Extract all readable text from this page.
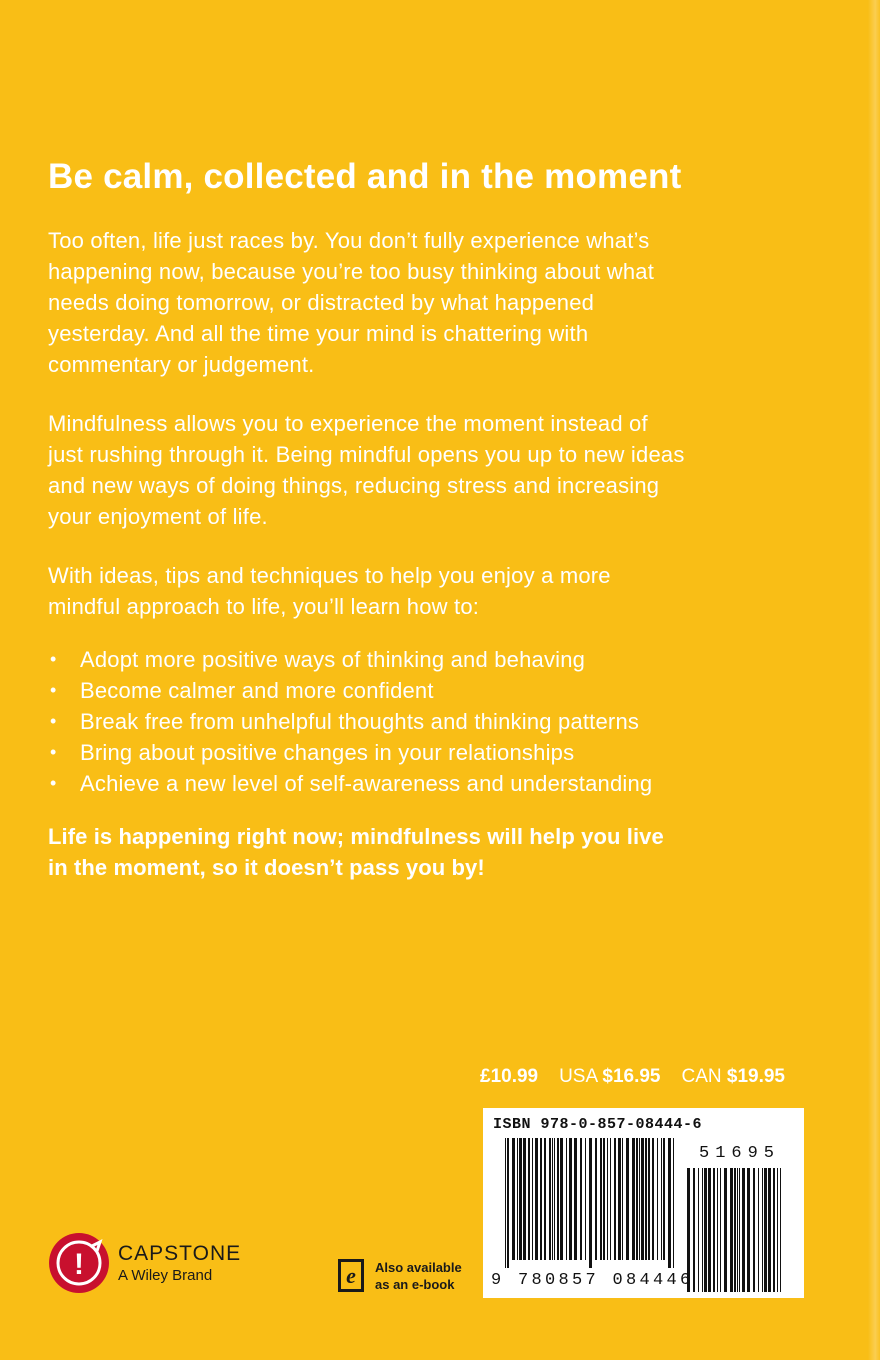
Be calm, collected and in the moment

Too often, life just races by. You don’t fully experience what’s happening now, because you’re too busy thinking about what needs doing tomorrow, or distracted by what happened yesterday. And all the time your mind is chattering with commentary or judgement.

Mindfulness allows you to experience the moment instead of just rushing through it. Being mindful opens you up to new ideas and new ways of doing things, reducing stress and increasing your enjoyment of life.

With ideas, tips and techniques to help you enjoy a more mindful approach to life, you’ll learn how to:

• Adopt more positive ways of thinking and behaving
• Become calmer and more confident
• Break free from unhelpful thoughts and thinking patterns
• Bring about positive changes in your relationships
• Achieve a new level of self-awareness and understanding

Life is happening right now; mindfulness will help you live in the moment, so it doesn’t pass you by!

£10.99 USA $16.95 CAN $19.95
ISBN 978-0-857-08444-6
51695
9 780857 084446
! CAPSTONE
A Wiley Brand	e Also available
as an e-book
